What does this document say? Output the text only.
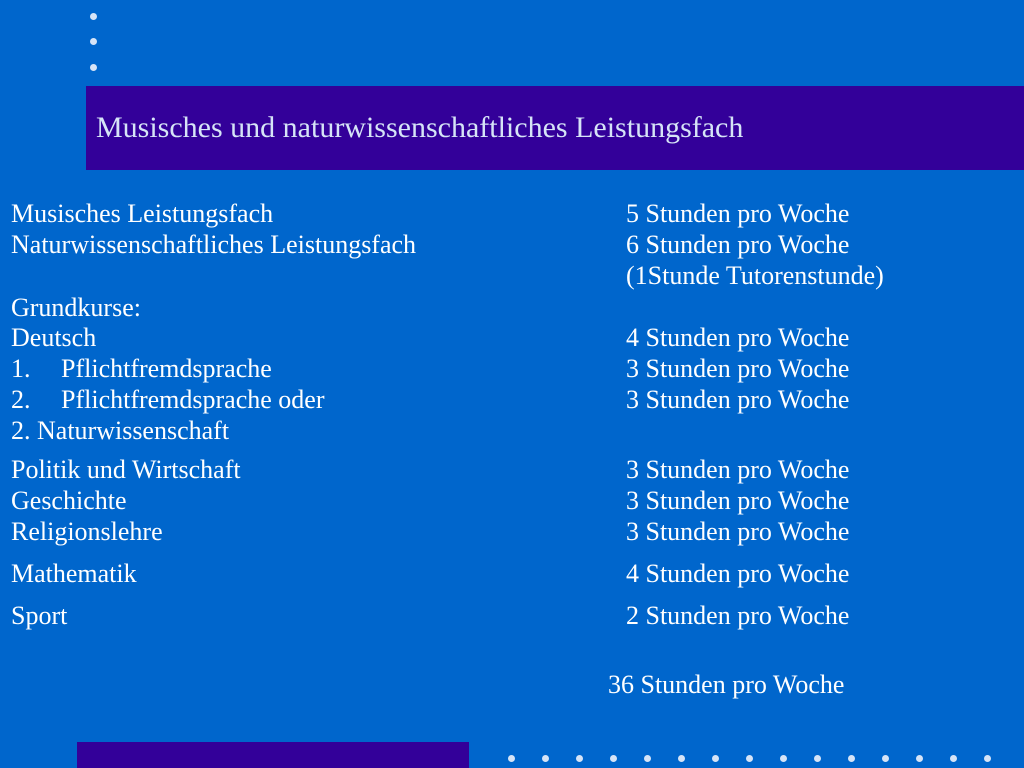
Musisches und naturwissenschaftliches Leistungsfach
Musisches Leistungsfach	5 Stunden pro Woche
Naturwissenschaftliches Leistungsfach	6 Stunden pro Woche
(1Stunde Tutorenstunde)
Grundkurse:
Deutsch	4 Stunden pro Woche
1. Pflichtfremdsprache	3 Stunden pro Woche
2. Pflichtfremdsprache oder	3 Stunden pro Woche
2. Naturwissenschaft
Politik und Wirtschaft	3 Stunden pro Woche
Geschichte	3 Stunden pro Woche
Religionslehre	3 Stunden pro Woche
Mathematik	4 Stunden pro Woche
Sport	2 Stunden pro Woche
36 Stunden pro Woche
